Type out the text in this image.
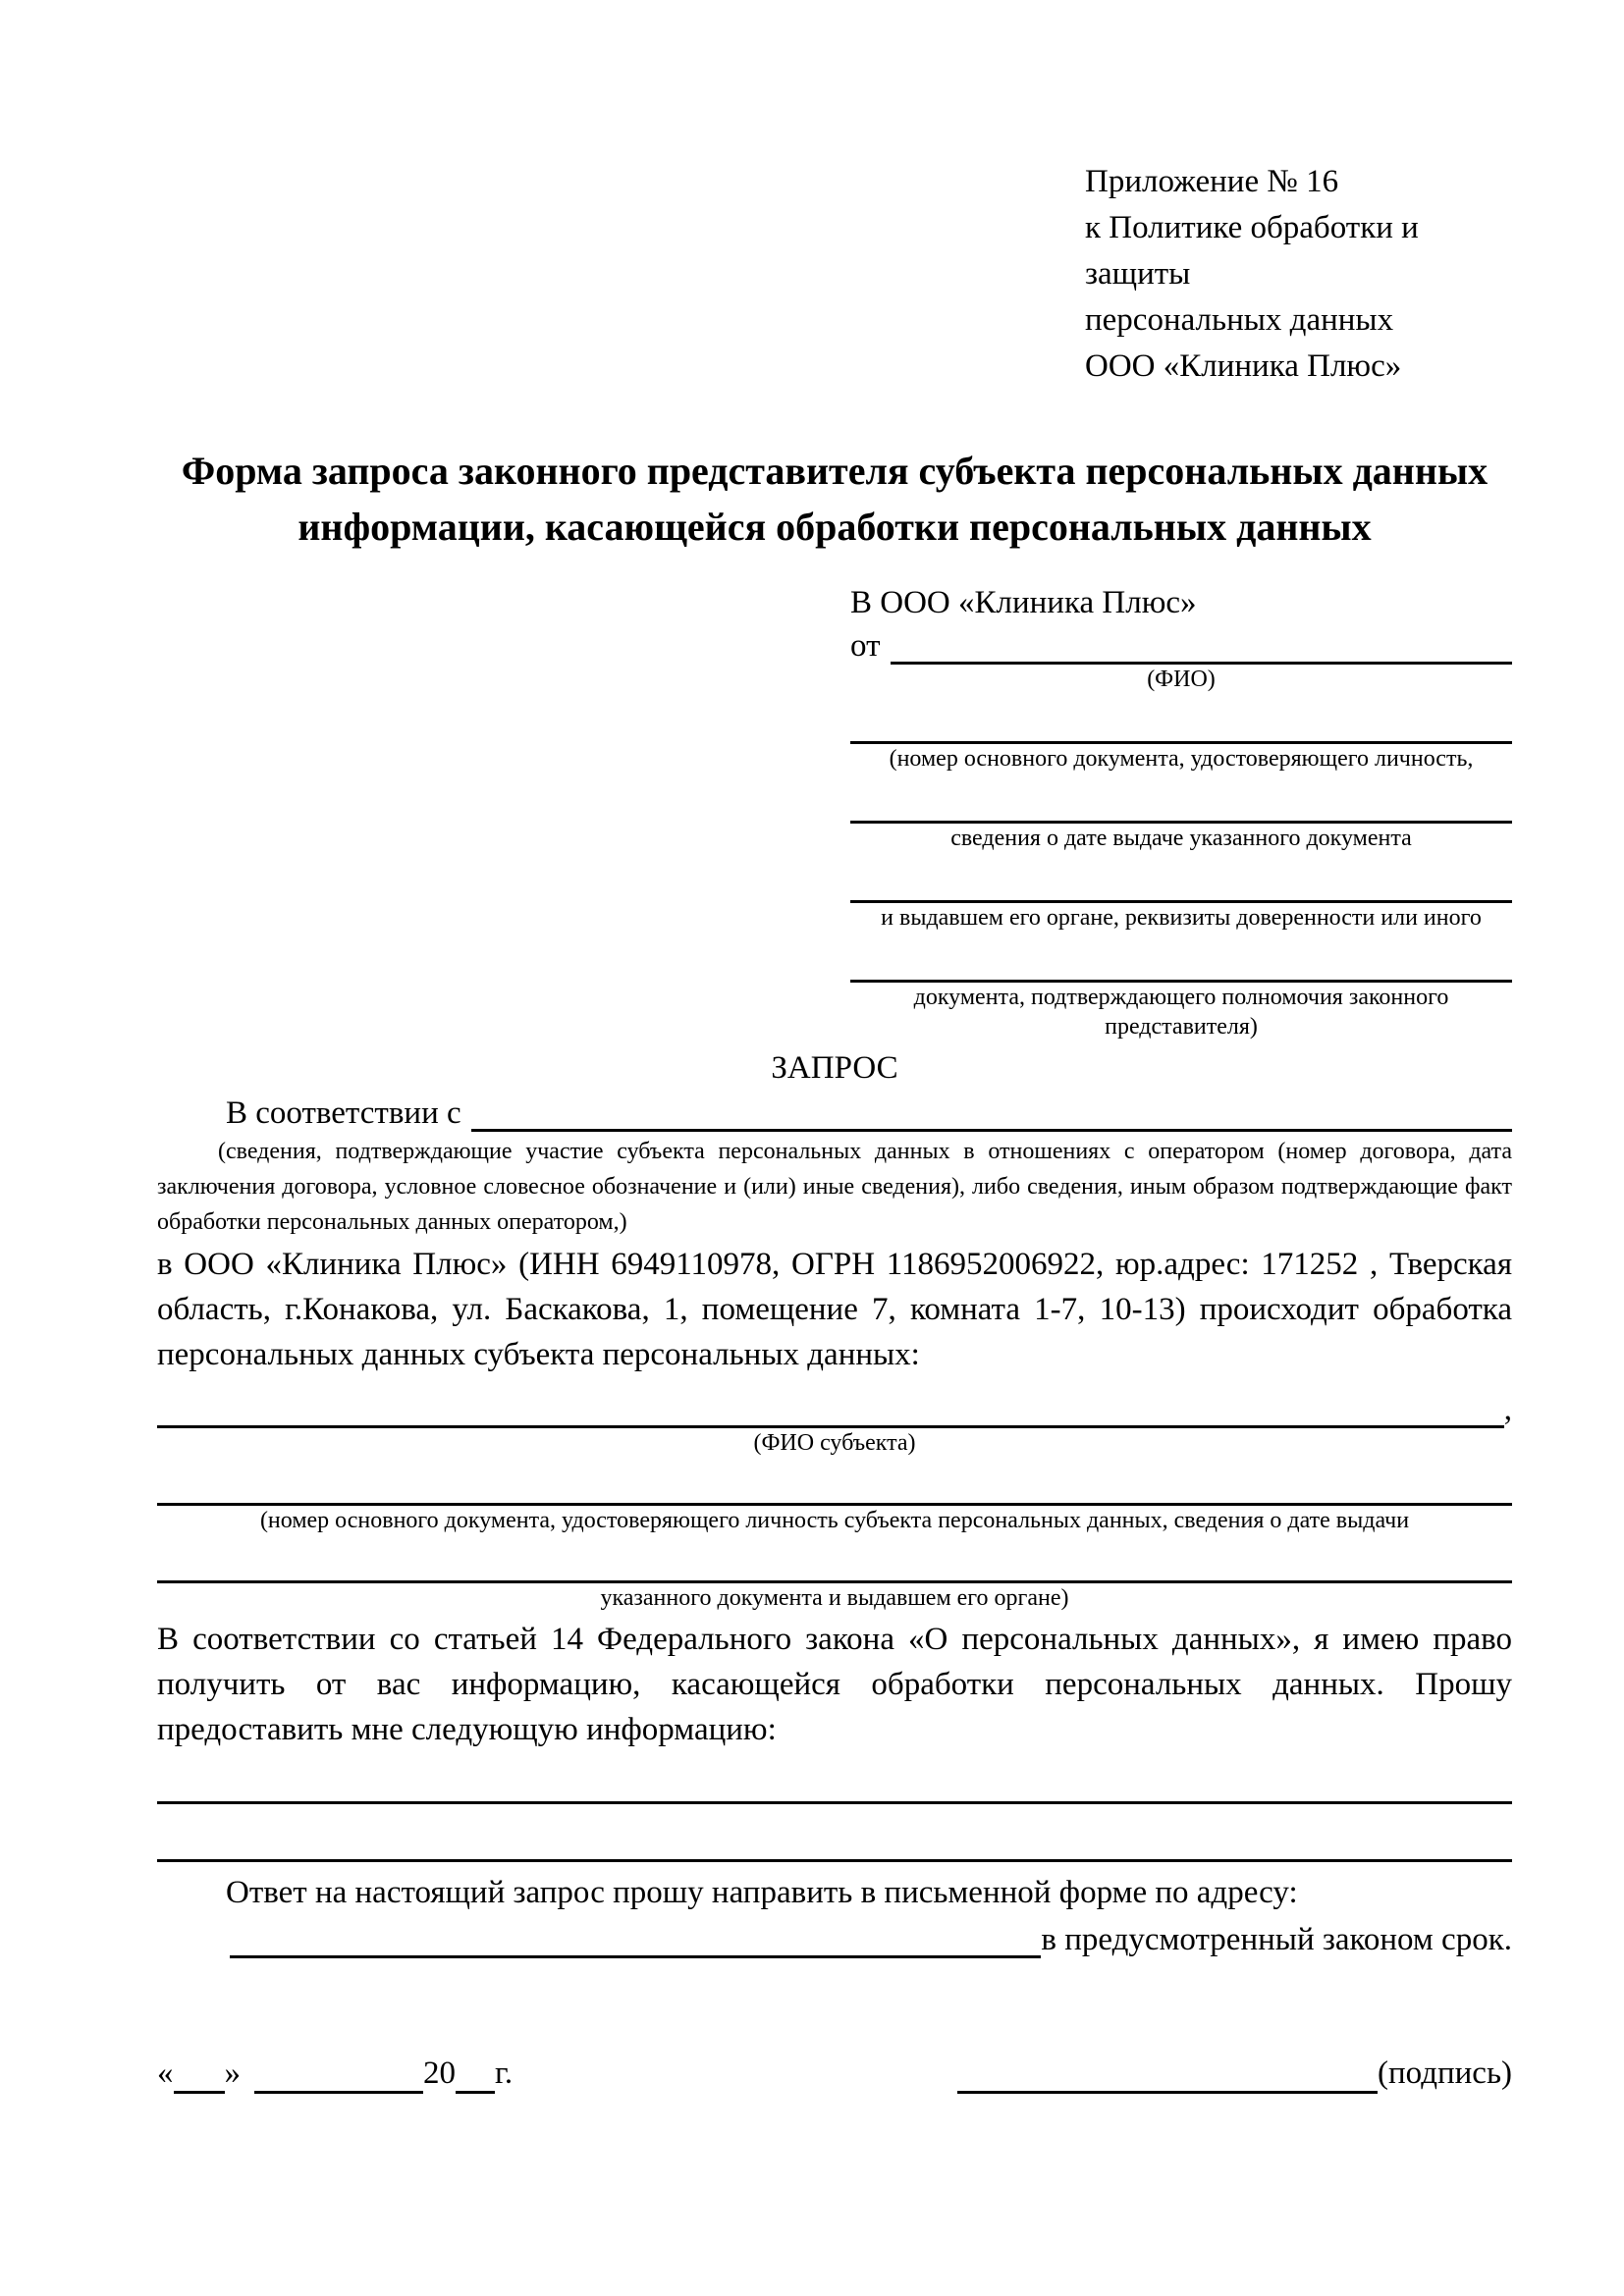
Приложение № 16
к Политике обработки и защиты
персональных данных
ООО «Клиника Плюс»
Форма запроса законного представителя субъекта персональных данных
информации, касающейся обработки персональных данных
В ООО «Клиника Плюс»
от
(ФИО)
(номер основного документа, удостоверяющего личность,
сведения о дате выдаче указанного документа
и выдавшем его органе, реквизиты доверенности или иного
документа, подтверждающего полномочия законного представителя)
ЗАПРОС
В соответствии с
(сведения, подтверждающие участие субъекта персональных данных в отношениях с оператором (номер договора, дата заключения договора, условное словесное обозначение и (или) иные сведения), либо сведения, иным образом подтверждающие факт обработки персональных данных оператором,)

в ООО «Клиника Плюс» (ИНН 6949110978, ОГРН 1186952006922, юр.адрес: 171252 , Тверская область, г.Конакова, ул. Баскакова, 1, помещение 7, комната 1-7, 10-13) происходит обработка персональных данных субъекта персональных данных:

,
(ФИО субъекта)
(номер основного документа, удостоверяющего личность субъекта персональных данных, сведения о дате выдачи
указанного документа и выдавшем его органе)

В соответствии со статьей 14 Федерального закона «О персональных данных», я имею право получить от вас информацию, касающейся обработки персональных данных. Прошу предоставить мне следующую информацию:

Ответ на настоящий запрос прошу направить в письменной форме по адресу:

в предусмотренный законом срок.
« »	20 г.	(подпись)
